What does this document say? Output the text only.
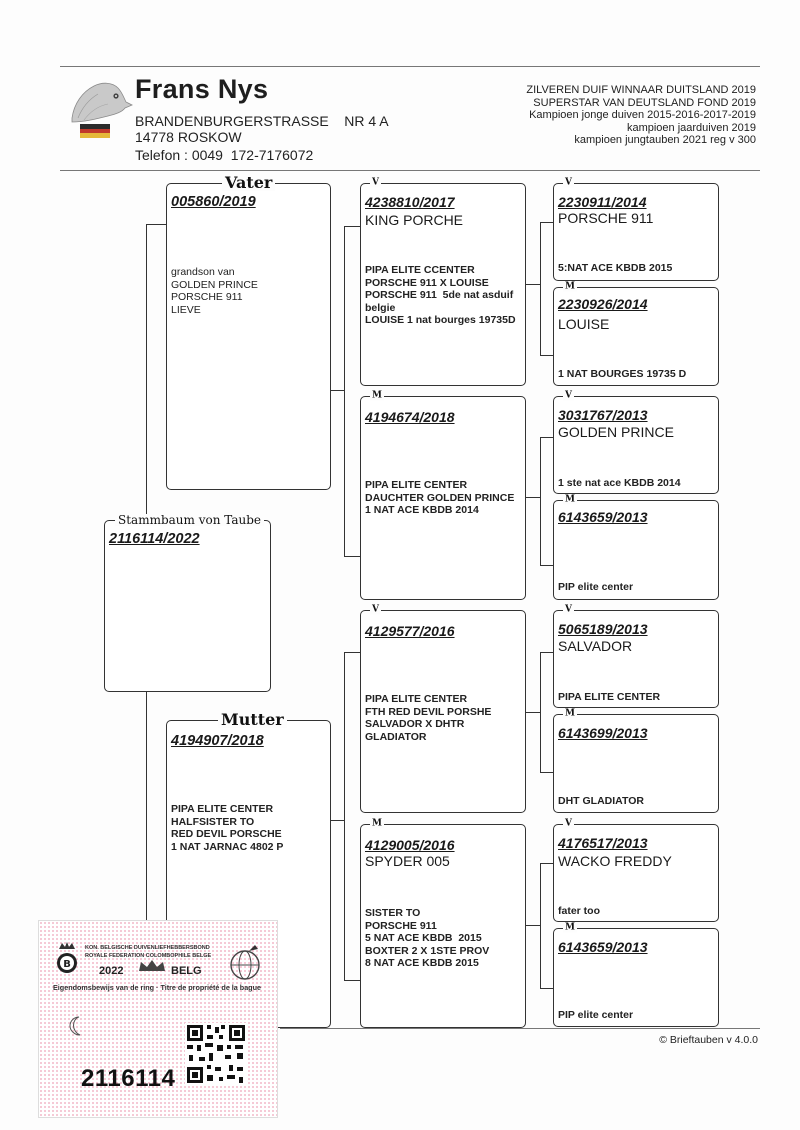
Frans Nys
BRANDENBURGERSTRASSE    NR 4 A
14778 ROSKOW
Telefon : 0049  172-7176072
ZILVEREN DUIF WINNAAR DUITSLAND 2019
SUPERSTAR VAN DEUTSLAND FOND 2019
Kampioen jonge duiven 2015-2016-2017-2019
kampioen jaarduiven 2019
kampioen jungtauben 2021 reg v 300
2116114/2022
Stammbaum von Taube
005860/2019
grandson van
GOLDEN PRINCE
PORSCHE 911
LIEVE
Vater
4194907/2018
PIPA ELITE CENTER
HALFSISTER TO
RED DEVIL PORSCHE
1 NAT JARNAC 4802 P
Mutter
4238810/2017
KING PORCHE
PIPA ELITE CCENTER
PORSCHE 911 X LOUISE
PORSCHE 911  5de nat asduif
belgie
LOUISE 1 nat bourges 19735D
V
4194674/2018
PIPA ELITE CENTER
DAUCHTER GOLDEN PRINCE
1 NAT ACE KBDB 2014
M
4129577/2016
PIPA ELITE CENTER
FTH RED DEVIL PORSHE
SALVADOR X DHTR
GLADIATOR
V
4129005/2016
SPYDER 005
SISTER TO
PORSCHE 911
5 NAT ACE KBDB  2015
BOXTER 2 X 1STE PROV
8 NAT ACE KBDB 2015
M
2230911/2014
PORSCHE 911
5:NAT ACE KBDB 2015
V
2230926/2014
LOUISE
1 NAT BOURGES 19735 D
M
3031767/2013
GOLDEN PRINCE
1 ste nat ace KBDB 2014
V
6143659/2013
PIP elite center
M
5065189/2013
SALVADOR
PIPA ELITE CENTER
V
6143699/2013
DHT GLADIATOR
M
4176517/2013
WACKO FREDDY
fater too
V
6143659/2013
PIP elite center
M
© Brieftauben v 4.0.0
B
KON. BELGISCHE DUIVENLIEFHEBBERSBOND
ROYALE FEDERATION COLOMBOPHILE BELGE
2022	BELG
Eigendomsbewijs van de ring · Titre de propriété de la bague
2116114
